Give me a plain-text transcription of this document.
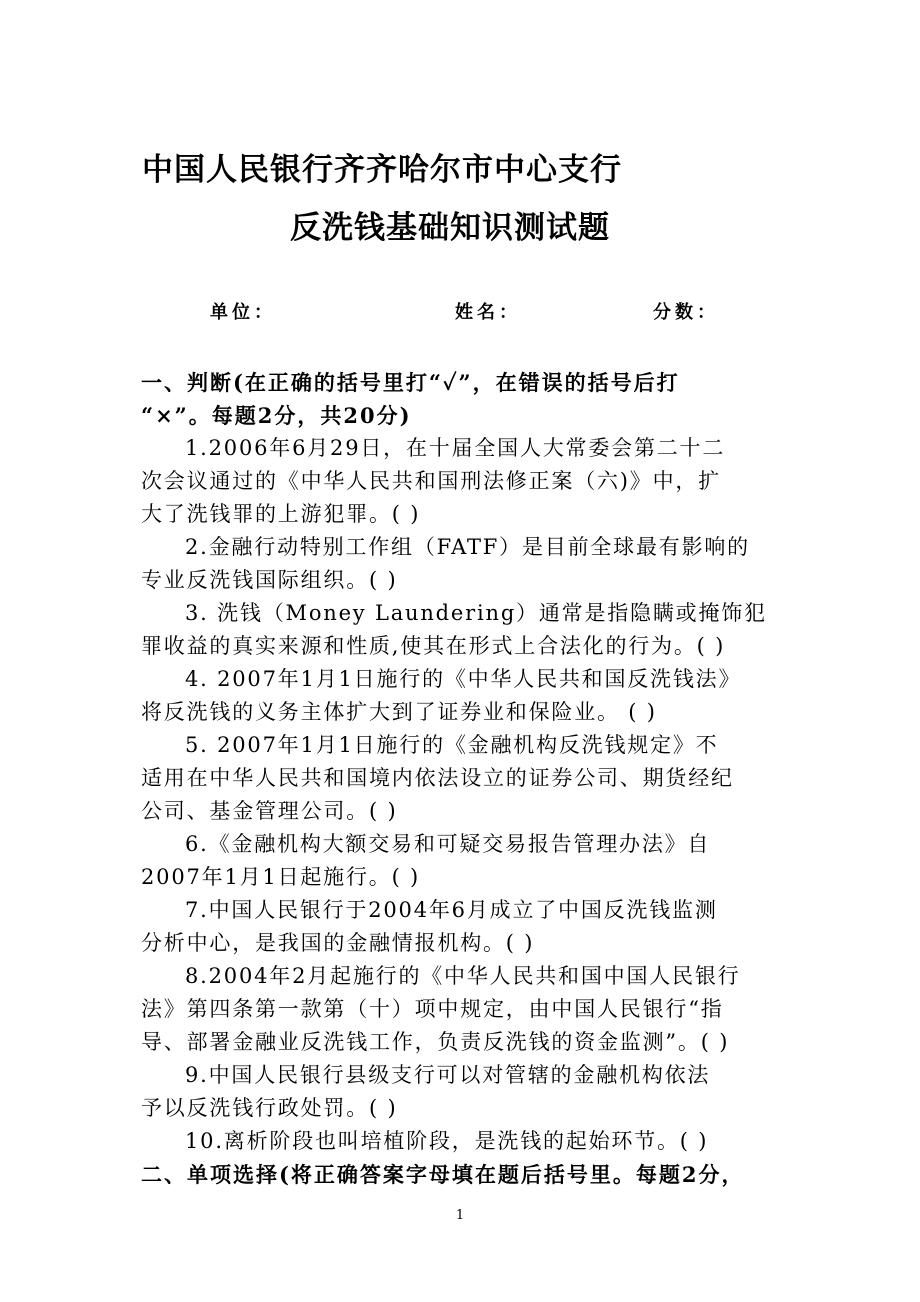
中国人民银行齐齐哈尔市中心支行
反洗钱基础知识测试题
单位：	姓名：	分数：
一、判断(在正确的括号里打“✓”，在错误的括号后打
“×”。每题2分，共20分)
1.2006年6月29日，在十届全国人大常委会第二十二
次会议通过的《中华人民共和国刑法修正案（六)》中，扩
大了洗钱罪的上游犯罪。( )
2.金融行动特别工作组（FATF）是目前全球最有影响的
专业反洗钱国际组织。( )
3. 洗钱（Money Laundering）通常是指隐瞒或掩饰犯
罪收益的真实来源和性质,使其在形式上合法化的行为。( )
4. 2007年1月1日施行的《中华人民共和国反洗钱法》
将反洗钱的义务主体扩大到了证券业和保险业。 ( )
5. 2007年1月1日施行的《金融机构反洗钱规定》不
适用在中华人民共和国境内依法设立的证券公司、期货经纪
公司、基金管理公司。( )
6.《金融机构大额交易和可疑交易报告管理办法》自
2007年1月1日起施行。( )
7.中国人民银行于2004年6月成立了中国反洗钱监测
分析中心，是我国的金融情报机构。( )
8.2004年2月起施行的《中华人民共和国中国人民银行
法》第四条第一款第（十）项中规定，由中国人民银行“指
导、部署金融业反洗钱工作，负责反洗钱的资金监测”。( )
9.中国人民银行县级支行可以对管辖的金融机构依法
予以反洗钱行政处罚。( )
10.离析阶段也叫培植阶段，是洗钱的起始环节。( )
二、单项选择(将正确答案字母填在题后括号里。每题2分，
1
